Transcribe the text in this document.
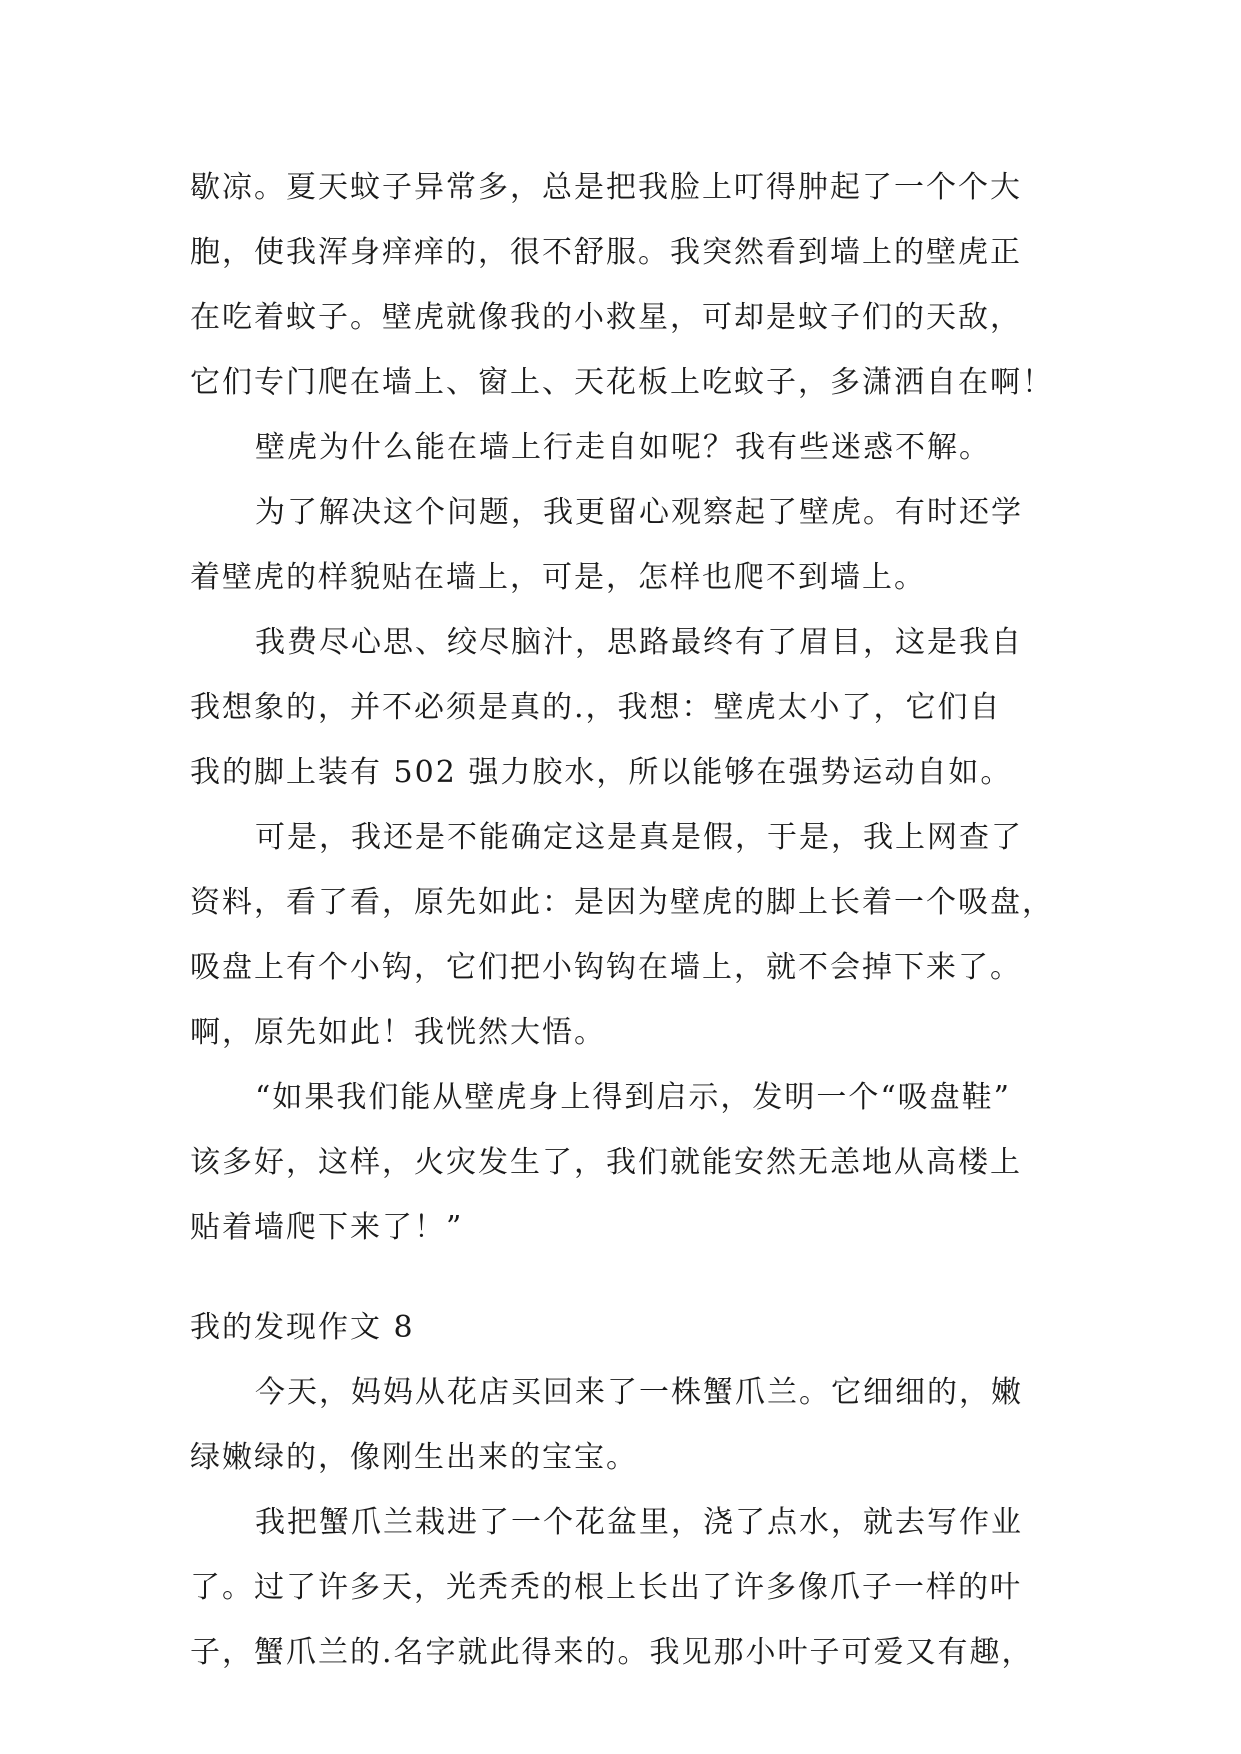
歇凉。夏天蚊子异常多，总是把我脸上叮得肿起了一个个大
胞，使我浑身痒痒的，很不舒服。我突然看到墙上的壁虎正
在吃着蚊子。壁虎就像我的小救星，可却是蚊子们的天敌，
它们专门爬在墙上、窗上、天花板上吃蚊子，多潇洒自在啊！
壁虎为什么能在墙上行走自如呢？我有些迷惑不解。
为了解决这个问题，我更留心观察起了壁虎。有时还学
着壁虎的样貌贴在墙上，可是，怎样也爬不到墙上。
我费尽心思、绞尽脑汁，思路最终有了眉目，这是我自
我想象的，并不必须是真的.，我想：壁虎太小了，它们自
我的脚上装有 502 强力胶水，所以能够在强势运动自如。
可是，我还是不能确定这是真是假，于是，我上网查了
资料，看了看，原先如此：是因为壁虎的脚上长着一个吸盘，
吸盘上有个小钩，它们把小钩钩在墙上，就不会掉下来了。
啊，原先如此！我恍然大悟。
“如果我们能从壁虎身上得到启示，发明一个“吸盘鞋”
该多好，这样，火灾发生了，我们就能安然无恙地从高楼上
贴着墙爬下来了！”
我的发现作文 8
今天，妈妈从花店买回来了一株蟹爪兰。它细细的，嫩
绿嫩绿的，像刚生出来的宝宝。
我把蟹爪兰栽进了一个花盆里，浇了点水，就去写作业
了。过了许多天，光秃秃的根上长出了许多像爪子一样的叶
子，蟹爪兰的.名字就此得来的。我见那小叶子可爱又有趣，
